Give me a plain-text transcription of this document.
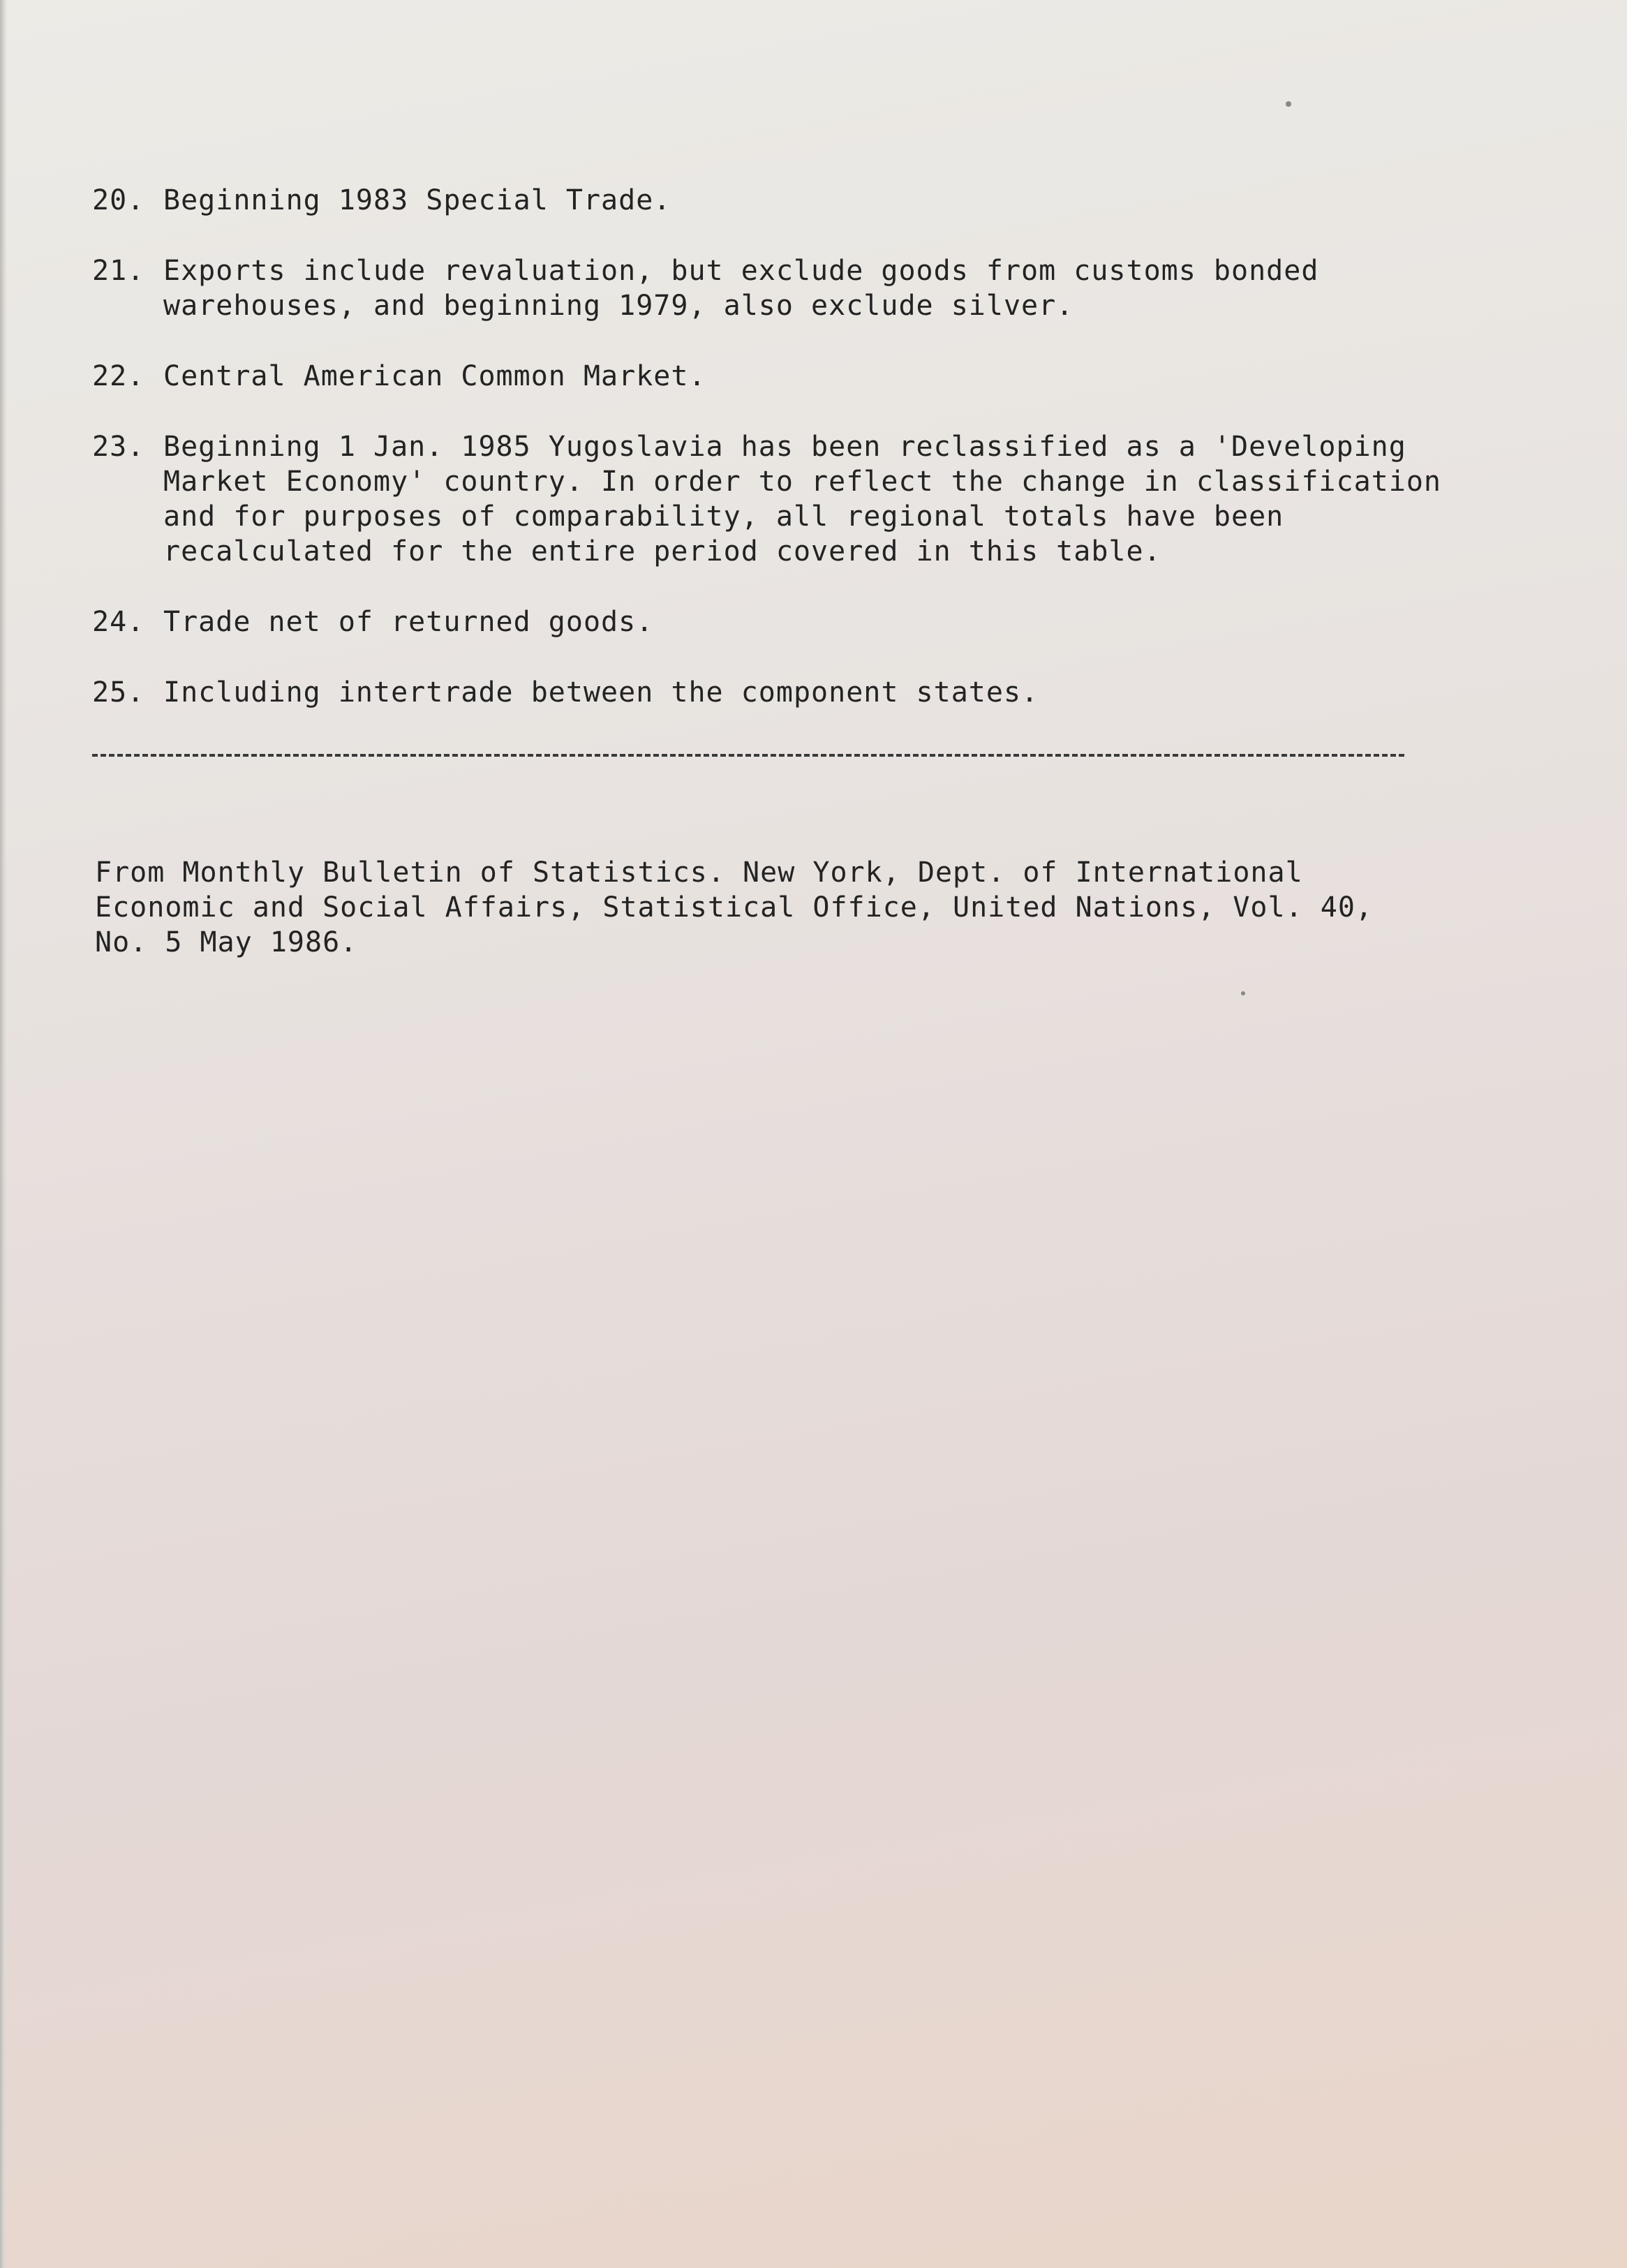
20. Beginning 1983 Special Trade.
21. Exports include revaluation, but exclude goods from customs bonded
warehouses, and beginning 1979, also exclude silver.
22. Central American Common Market.
23. Beginning 1 Jan. 1985 Yugoslavia has been reclassified as a 'Developing
Market Economy' country. In order to reflect the change in classification
and for purposes of comparability, all regional totals have been
recalculated for the entire period covered in this table.
24. Trade net of returned goods.
25. Including intertrade between the component states.
From Monthly Bulletin of Statistics. New York, Dept. of International
Economic and Social Affairs, Statistical Office, United Nations, Vol. 40,
No. 5 May 1986.
